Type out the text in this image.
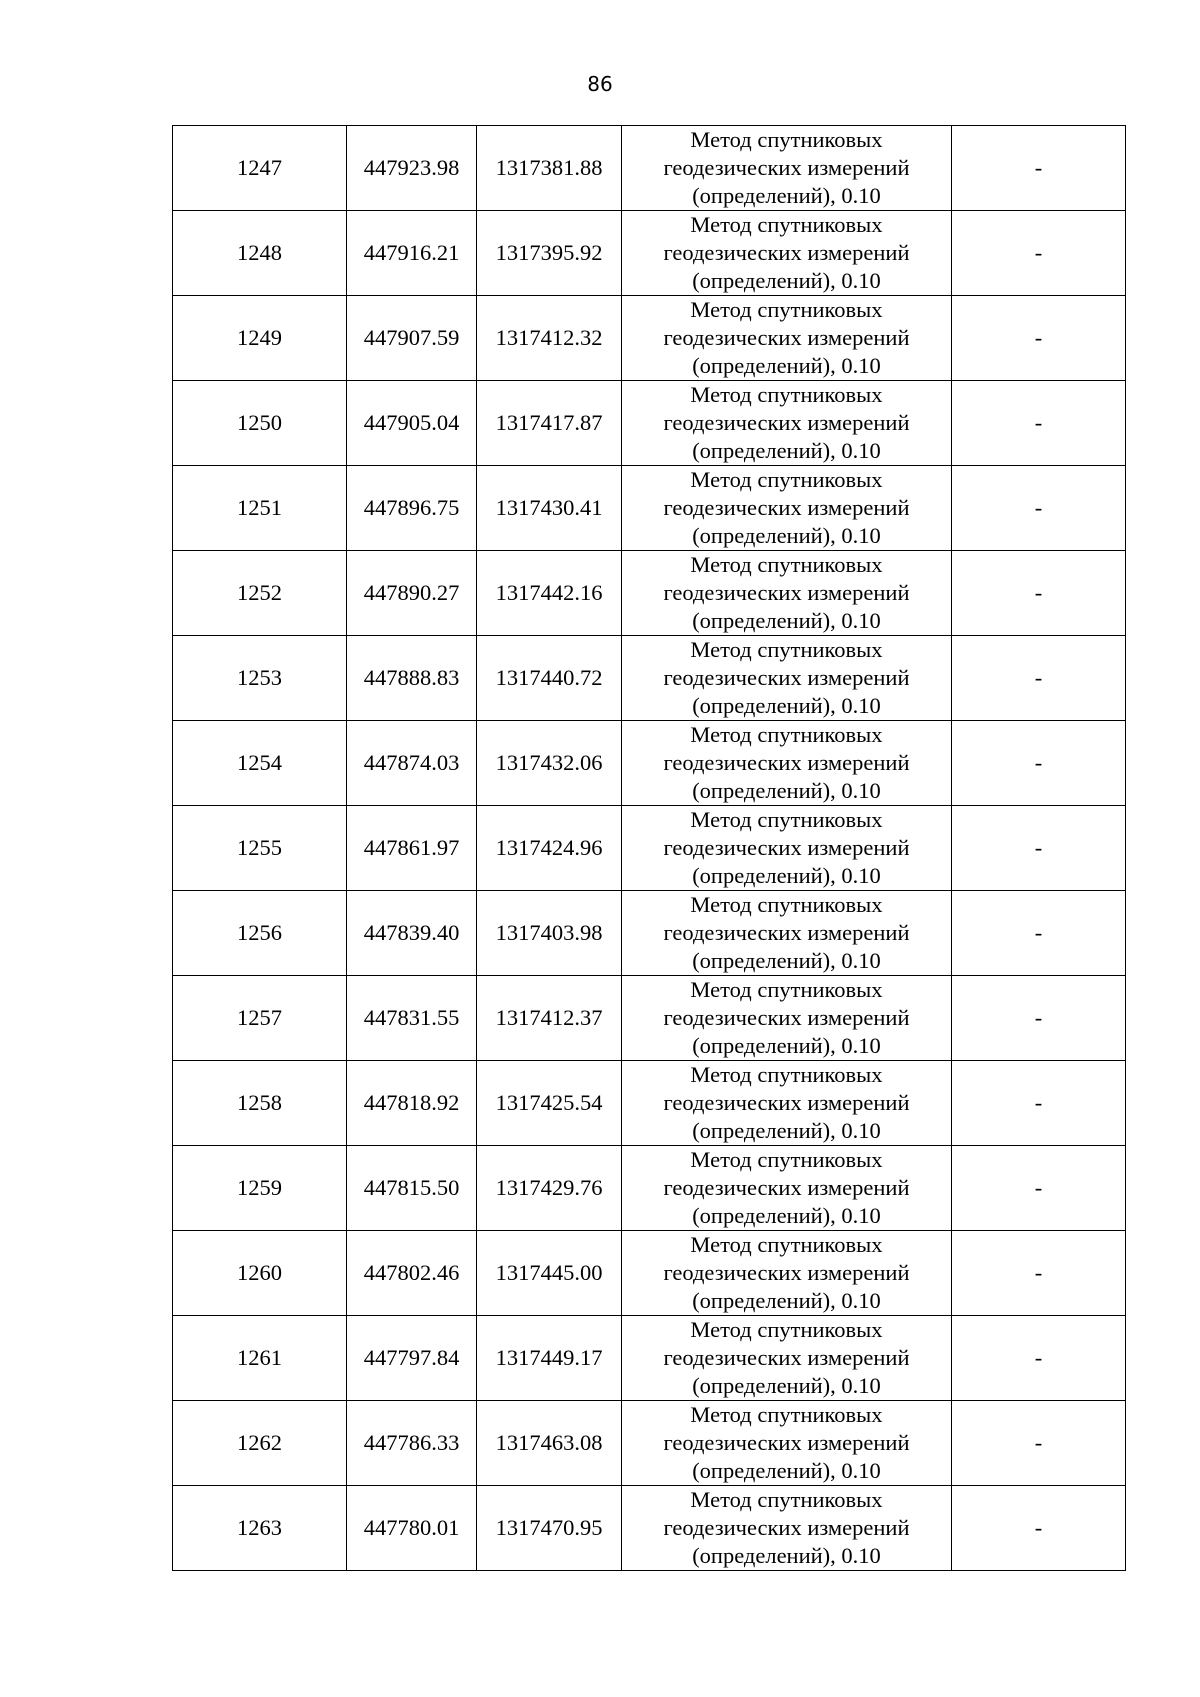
86
1247	447923.98	1317381.88	Метод спутниковых
геодезических измерений
(определений), 0.10	-
1248	447916.21	1317395.92	Метод спутниковых
геодезических измерений
(определений), 0.10	-
1249	447907.59	1317412.32	Метод спутниковых
геодезических измерений
(определений), 0.10	-
1250	447905.04	1317417.87	Метод спутниковых
геодезических измерений
(определений), 0.10	-
1251	447896.75	1317430.41	Метод спутниковых
геодезических измерений
(определений), 0.10	-
1252	447890.27	1317442.16	Метод спутниковых
геодезических измерений
(определений), 0.10	-
1253	447888.83	1317440.72	Метод спутниковых
геодезических измерений
(определений), 0.10	-
1254	447874.03	1317432.06	Метод спутниковых
геодезических измерений
(определений), 0.10	-
1255	447861.97	1317424.96	Метод спутниковых
геодезических измерений
(определений), 0.10	-
1256	447839.40	1317403.98	Метод спутниковых
геодезических измерений
(определений), 0.10	-
1257	447831.55	1317412.37	Метод спутниковых
геодезических измерений
(определений), 0.10	-
1258	447818.92	1317425.54	Метод спутниковых
геодезических измерений
(определений), 0.10	-
1259	447815.50	1317429.76	Метод спутниковых
геодезических измерений
(определений), 0.10	-
1260	447802.46	1317445.00	Метод спутниковых
геодезических измерений
(определений), 0.10	-
1261	447797.84	1317449.17	Метод спутниковых
геодезических измерений
(определений), 0.10	-
1262	447786.33	1317463.08	Метод спутниковых
геодезических измерений
(определений), 0.10	-
1263	447780.01	1317470.95	Метод спутниковых
геодезических измерений
(определений), 0.10	-
